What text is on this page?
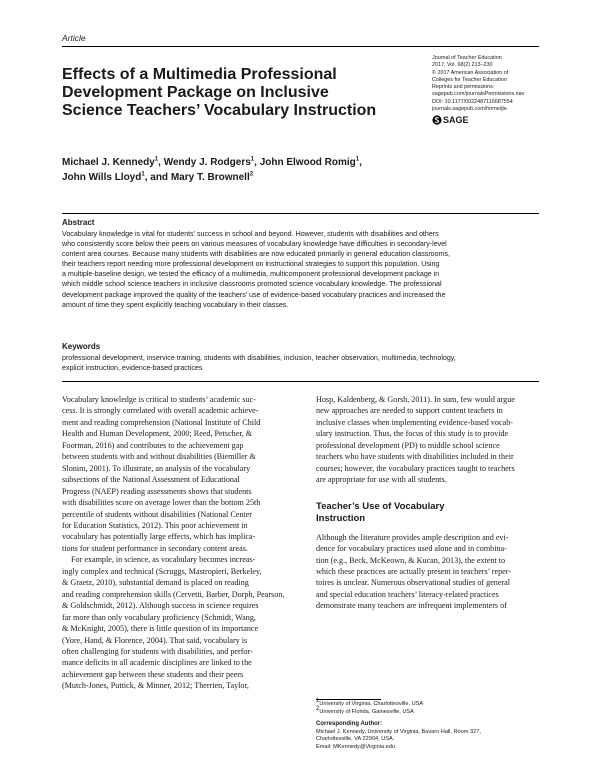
Article
Effects of a Multimedia Professional
Development Package on Inclusive
Science Teachers’ Vocabulary Instruction
Journal of Teacher Education
2017, Vol. 68(2) 213–230
© 2017 American Association of
Colleges for Teacher Education
Reprints and permissions:
sagepub.com/journalsPermissions.nav
DOI: 10.1177/0022487116687554
journals.sagepub.com/home/jte
SAGE
Michael J. Kennedy$^1$, Wendy J. Rodgers$^1$, John Elwood Romig$^1$,
John Wills Lloyd$^1$, and Mary T. Brownell$^2$
Abstract
Vocabulary knowledge is vital for students’ success in school and beyond. However, students with disabilities and others
who consistently score below their peers on various measures of vocabulary knowledge have difficulties in secondary-level
content area courses. Because many students with disabilities are now educated primarily in general education classrooms,
their teachers report needing more professional development on instructional strategies to support this population. Using
a multiple-baseline design, we tested the efficacy of a multimedia, multicomponent professional development package in
which middle school science teachers in inclusive classrooms promoted science vocabulary knowledge. The professional
development package improved the quality of the teachers’ use of evidence-based vocabulary practices and increased the
amount of time they spent explicitly teaching vocabulary in their classes.
Keywords
professional development, inservice training, students with disabilities, inclusion, teacher observation, multimedia, technology,
explicit instruction, evidence-based practices
Vocabulary knowledge is critical to students’ academic suc-
cess. It is strongly correlated with overall academic achieve-
ment and reading comprehension (National Institute of Child
Health and Human Development, 2000; Reed, Petscher, &
Foorman, 2016) and contributes to the achievement gap
between students with and without disabilities (Biemiller &
Slonim, 2001). To illustrate, an analysis of the vocabulary
subsections of the National Assessment of Educational
Progress (NAEP) reading assessments shows that students
with disabilities score on average lower than the bottom 25th
percentile of students without disabilities (National Center
for Education Statistics, 2012). This poor achievement in
vocabulary has potentially large effects, which has implica-
tions for student performance in secondary content areas.
For example, in science, as vocabulary becomes increas-
ingly complex and technical (Scruggs, Mastropieri, Berkeley,
& Graetz, 2010), substantial demand is placed on reading
and reading comprehension skills (Cervetti, Barber, Dorph, Pearson,
& Goldschmidt, 2012). Although success in science requires
far more than only vocabulary proficiency (Schmidt, Wang,
& McKnight, 2005), there is little question of its importance
(Yore, Hand, & Florence, 2004). That said, vocabulary is
often challenging for students with disabilities, and perfor-
mance deficits in all academic disciplines are linked to the
achievement gap between these students and their peers
(Mutch-Jones, Puttick, & Minner, 2012; Therrien, Taylor,
Hosp, Kaldenberg, & Gorsh, 2011). In sum, few would argue
new approaches are needed to support content teachers in
inclusive classes when implementing evidence-based vocab-
ulary instruction. Thus, the focus of this study is to provide
professional development (PD) to middle school science
teachers who have students with disabilities included in their
courses; however, the vocabulary practices taught to teachers
are appropriate for use with all students.
Teacher’s Use of Vocabulary
Instruction
Although the literature provides ample description and evi-
dence for vocabulary practices used alone and in combina-
tion (e.g., Beck, McKeown, & Kucan, 2013), the extent to
which these practices are actually present in teachers’ reper-
toires is unclear. Numerous observational studies of general
and special education teachers’ literacy-related practices
demonstrate many teachers are infrequent implementers of
$^1$University of Virginia, Charlottesville, USA
$^2$University of Florida, Gainesville, USA
Corresponding Author:
Michael J. Kennedy, University of Virginia, Bavaro Hall, Room 327,
Charlottesville, VA 22904, USA.
Email: MKennedy@Virginia.edu
